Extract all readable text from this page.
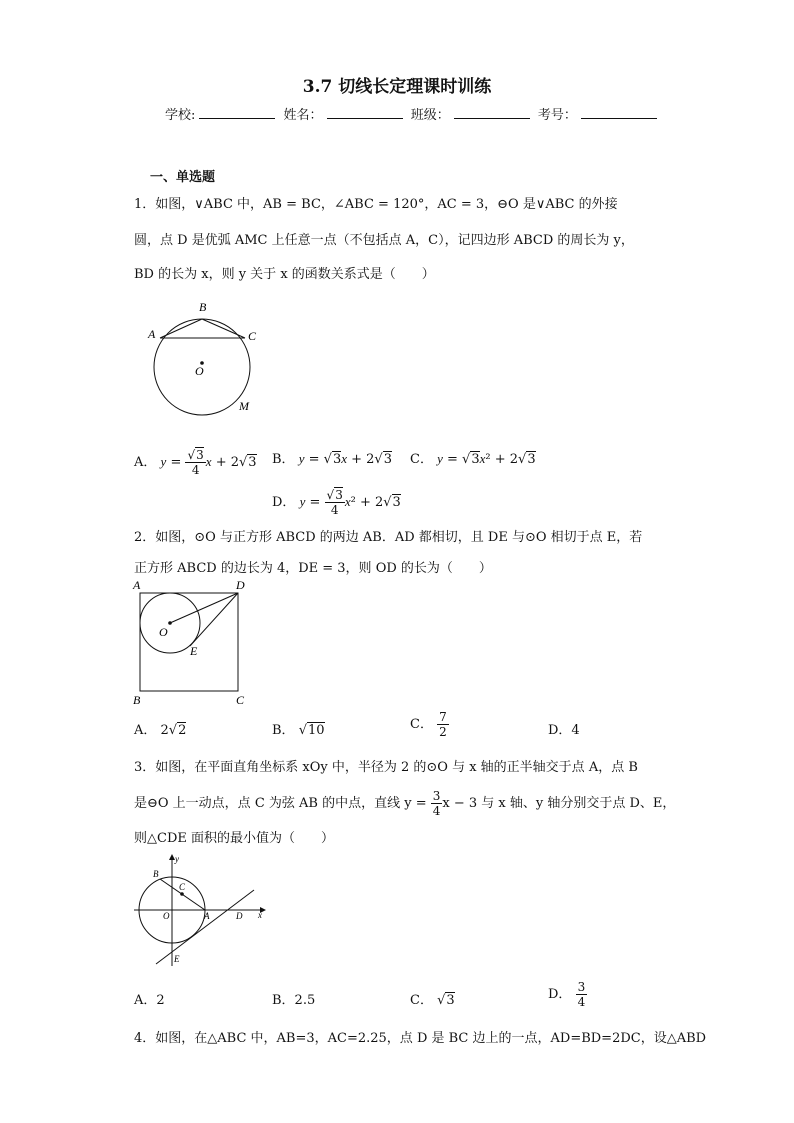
3.7 切线长定理课时训练
学校:	姓名：	班级：	考号：
一、单选题
1．如图，∨ABC 中，AB = BC，∠ABC = 120°，AC = 3，⊖O 是∨ABC 的外接
圆，点 D 是优弧 AMC 上任意一点（不包括点 A，C），记四边形 ABCD 的周长为 y，
BD 的长为 x，则 y 关于 x 的函数关系式是（　　）
A
B
C
O
M
A． $y = \frac{√3}{4}$ x + 2√3 B． y = √3x + 2√3 C． y = √3x² + 2√3
D． $y = \frac{√3}{4} x^2 + 2√3$
2．如图，⊙O 与正方形 ABCD 的两边 AB．AD 都相切，且 DE 与⊙O 相切于点 E，若
正方形 ABCD 的边长为 4，DE = 3，则 OD 的长为（　　）
A	D
O
E
B	C
A． 2√2	B． √10	C． $\frac{7}{2}$	D．4
3．如图，在平面直角坐标系 xOy 中，半径为 2 的⊙O 与 x 轴的正半轴交于点 A，点 B
是⊖O 上一动点，点 C 为弦 AB 的中点，直线 $y = \frac{3}{4}$ x − 3 与 x 轴、y 轴分别交于点 D、E，
则△CDE 面积的最小值为（　　）
y
B
C
O	A	D x
E
A．2	B．2.5	C． √3	D． $\frac{3}{4}$
4．如图，在△ABC 中，AB=3，AC=2.25，点 D 是 BC 边上的一点，AD=BD=2DC，设△ABD
